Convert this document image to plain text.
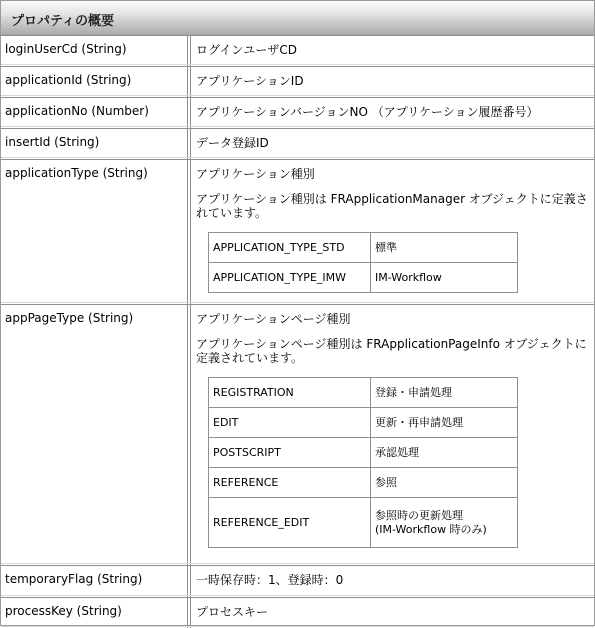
プロパティの概要
loginUserCd (String)	ログインユーザCD
applicationId (String)	アプリケーションID
applicationNo (Number)	アプリケーションバージョンNO （アプリケーション履歴番号）
insertId (String)	データ登録ID
applicationType (String)	アプリケーション種別
アプリケーション種別は FRApplicationManager オブジェクトに定義されています。
APPLICATION_TYPE_STD	標準
APPLICATION_TYPE_IMW	IM-Workflow
appPageType (String)	アプリケーションページ種別
アプリケーションページ種別は FRApplicationPageInfo オブジェクトに定義されています。
REGISTRATION	登録・申請処理
EDIT	更新・再申請処理
POSTSCRIPT	承認処理
REFERENCE	参照
REFERENCE_EDIT	参照時の更新処理
(IM-Workflow 時のみ)
temporaryFlag (String)	一時保存時：1、登録時：0
processKey (String)	プロセスキー
